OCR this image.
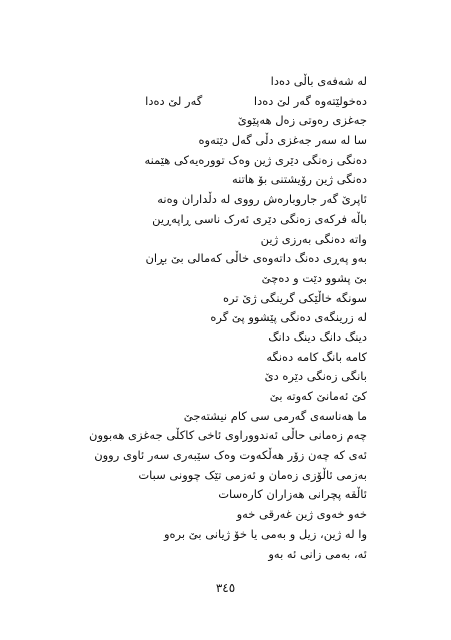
له شه‌فه‌ی باڵی ده‌دا
گه‌ر لێ ده‌دا	گه‌ر لێ ده‌دا ده‌خولێته‌وه
جه‌غزی ره‌وتی زه‌ل هه‌پێوێ
سا له سه‌ر جه‌غزی دڵی گه‌ل دێته‌وه
ده‌نگی زه‌نگی دێری ژین وه‌ک تووره‌یه‌کی هێمنه
ده‌نگی ژین رۆیشتنی بۆ هاتنه
ئاپرێ گه‌ر جاروباره‌ش رووی له دڵداران وه‌نه
باڵه فرکه‌ی زه‌نگی دێری ئه‌رک ناسی ڕاپه‌ڕین
واته ده‌نگی به‌رزی ژین
به‌و په‌ڕی ده‌نگ داته‌وه‌ی خاڵی که‌مالی بێ بڕان
بێ پشوو دێت و ده‌چێ
سونگه خاڵێکی گرینگی ژێ تره
له زرینگه‌ی ده‌نگی پێشوو پێ گره
دینگ دانگ دینگ دانگ
کامه ده‌نگه کامه بانگ
بانگی زه‌نگی دێره دێ
کێ ئه‌مانێ که‌وته بێ
ما هه‌ناسه‌ی گه‌رمی سی کام نیشته‌جێ
چه‌م زه‌مانی حاڵی ئه‌ندووراوی ئاخی کاکڵی جه‌غزی هه‌بوون
ئه‌ی که چه‌ن زۆر هه‌ڵکه‌وت وه‌ک سێبه‌ری سه‌ر ئاوی روون
به‌زمی ئاڵۆزی زه‌مان و ئه‌زمی تێک چوونی سبات
ئاڵقه پچرانی هه‌زاران کاره‌سات
خه‌و خه‌وی ژین غه‌رقی خه‌و
وا له ژین، زیل و به‌می یا خۆ ژیانی بێ برەو
ئه‌، به‌می زانی ئه به‌و
٣٤٥
